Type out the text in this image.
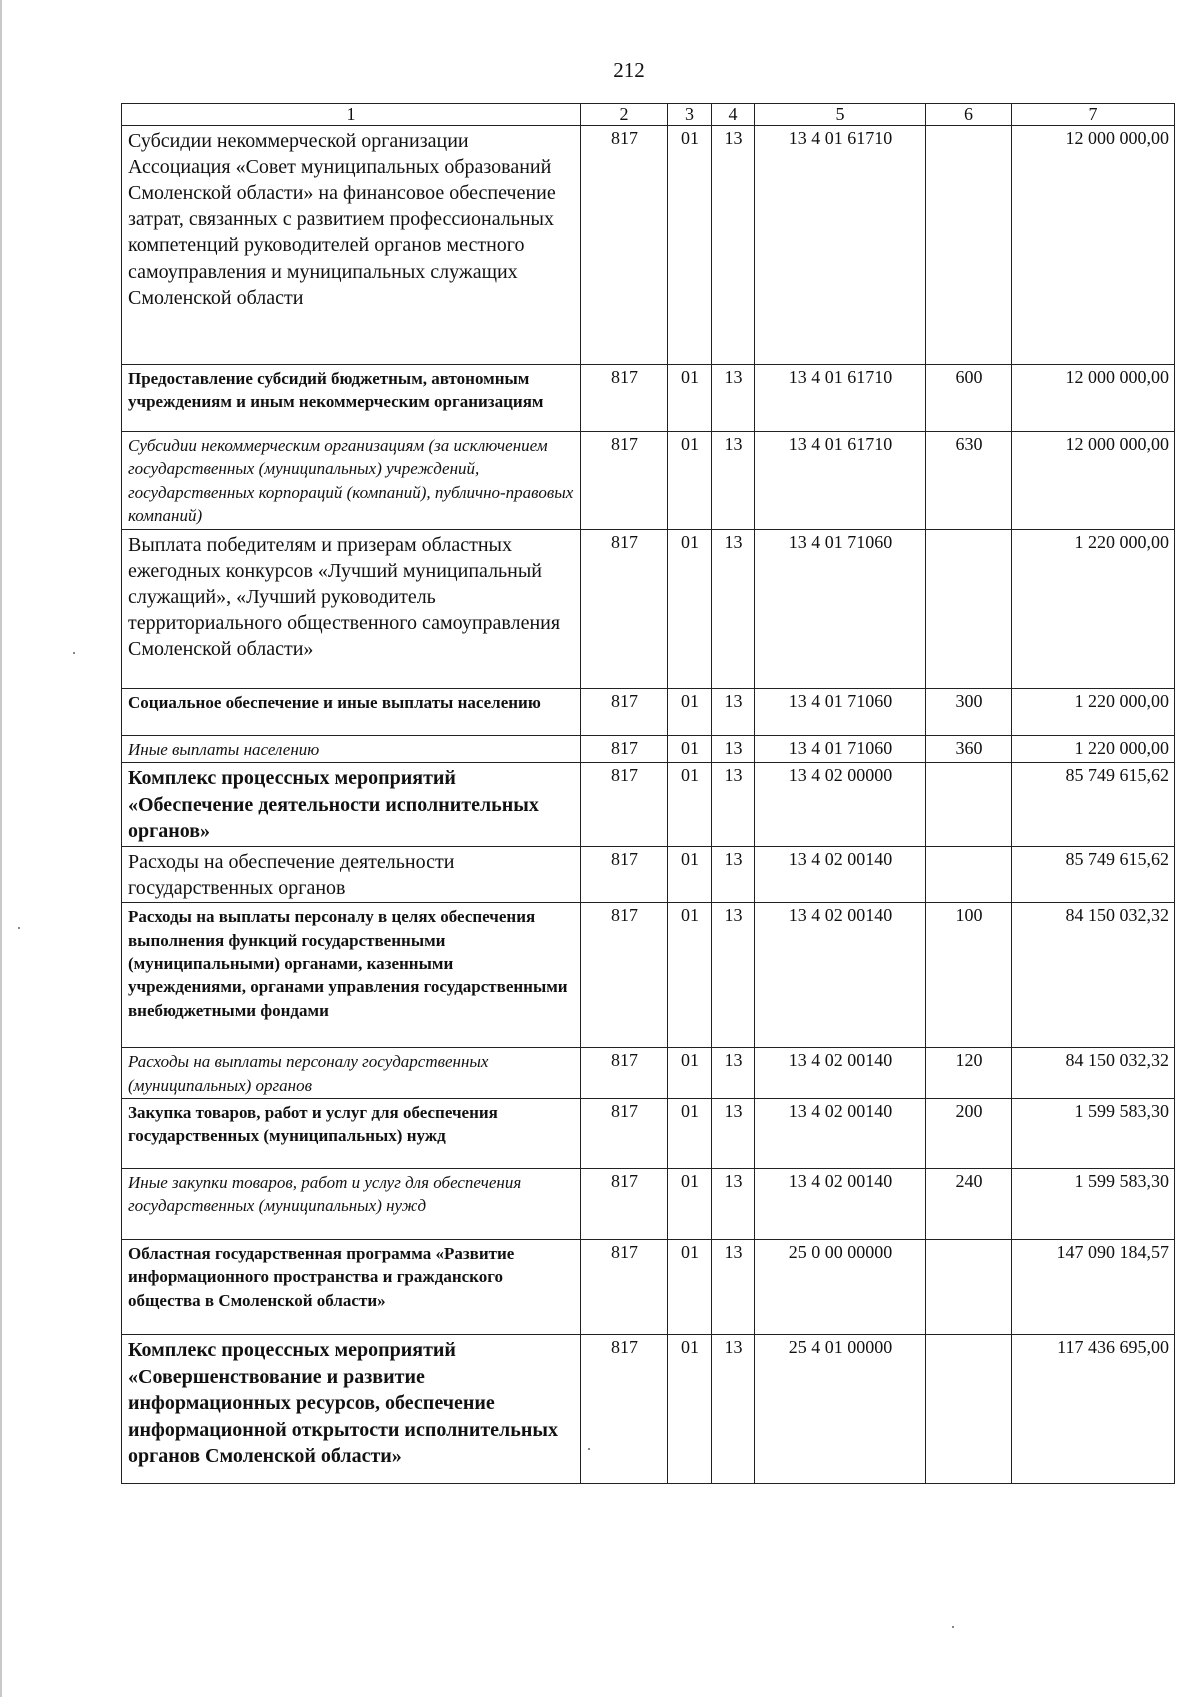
212
1	2	3	4	5	6	7
Субсидии некоммерческой организации Ассоциация «Совет муниципальных образований Смоленской области» на финансовое обеспечение затрат, связанных с развитием профессиональных компетенций руководителей органов местного самоуправления и муниципальных служащих Смоленской области	817	01	13	13 4 01 61710		12 000 000,00
Предоставление субсидий бюджетным, автономным учреждениям и иным некоммерческим организациям	817	01	13	13 4 01 61710	600	12 000 000,00
Субсидии некоммерческим организациям (за исключением государственных (муниципальных) учреждений, государственных корпораций (компаний), публично-правовых компаний)	817	01	13	13 4 01 61710	630	12 000 000,00
Выплата победителям и призерам областных ежегодных конкурсов «Лучший муниципальный служащий», «Лучший руководитель территориального общественного самоуправления Смоленской области»	817	01	13	13 4 01 71060		1 220 000,00
Социальное обеспечение и иные выплаты населению	817	01	13	13 4 01 71060	300	1 220 000,00
Иные выплаты населению	817	01	13	13 4 01 71060	360	1 220 000,00
Комплекс процессных мероприятий «Обеспечение деятельности исполнительных органов»	817	01	13	13 4 02 00000		85 749 615,62
Расходы на обеспечение деятельности государственных органов	817	01	13	13 4 02 00140		85 749 615,62
Расходы на выплаты персоналу в целях обеспечения выполнения функций государственными (муниципальными) органами, казенными учреждениями, органами управления государственными внебюджетными фондами	817	01	13	13 4 02 00140	100	84 150 032,32
Расходы на выплаты персоналу государственных (муниципальных) органов	817	01	13	13 4 02 00140	120	84 150 032,32
Закупка товаров, работ и услуг для обеспечения государственных (муниципальных) нужд	817	01	13	13 4 02 00140	200	1 599 583,30
Иные закупки товаров, работ и услуг для обеспечения государственных (муниципальных) нужд	817	01	13	13 4 02 00140	240	1 599 583,30
Областная государственная программа «Развитие информационного пространства и гражданского общества в Смоленской области»	817	01	13	25 0 00 00000		147 090 184,57
Комплекс процессных мероприятий «Совершенствование и развитие информационных ресурсов, обеспечение информационной открытости исполнительных органов Смоленской области»	817	01	13	25 4 01 00000		117 436 695,00
